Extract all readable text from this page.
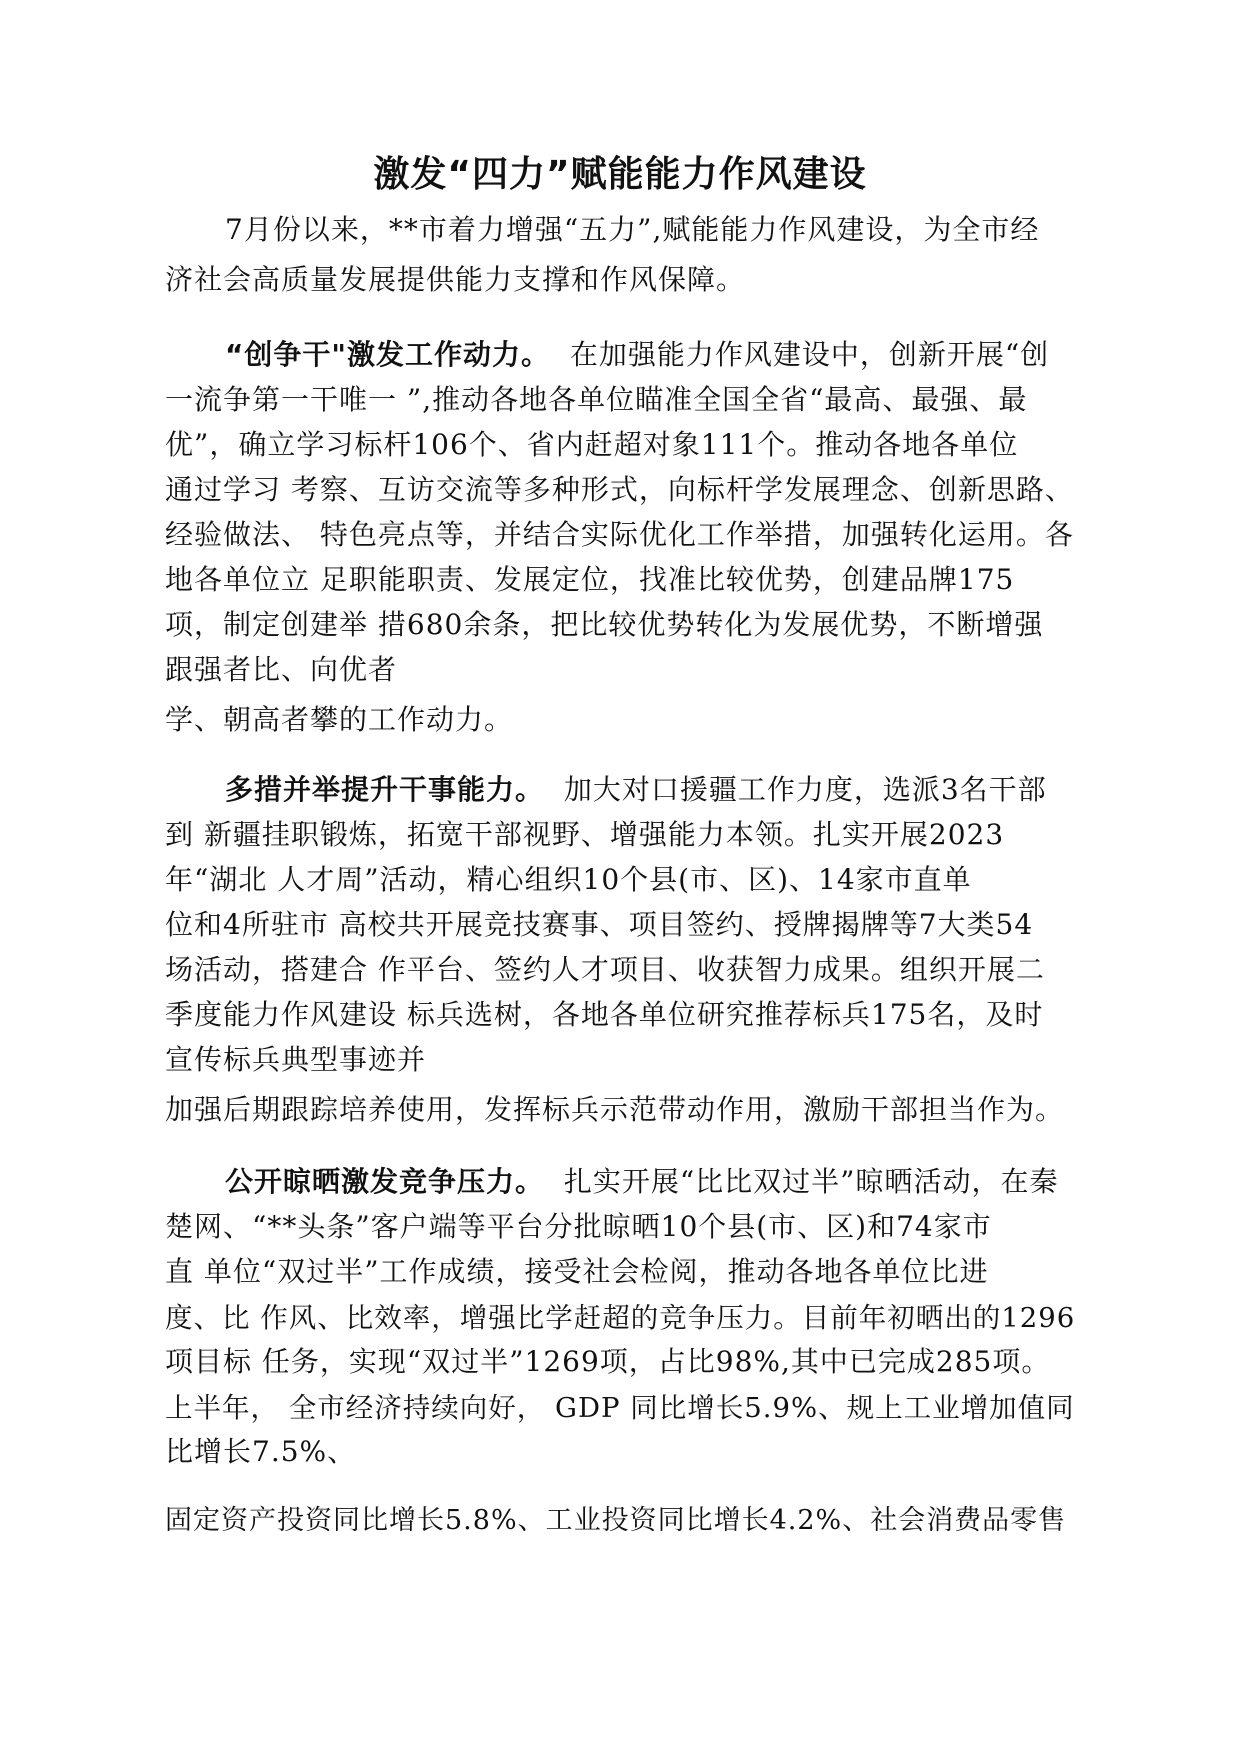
激发“四力”赋能能力作风建设
7月份以来，**市着力增强“五力”,赋能能力作风建设，为全市经
济社会高质量发展提供能力支撑和作风保障。
“创争干"激发工作动力。 在加强能力作风建设中，创新开展“创
一流争第一干唯一 ”,推动各地各单位瞄准全国全省“最高、最强、最
优”，确立学习标杆106个、省内赶超对象111个。推动各地各单位
通过学习 考察、互访交流等多种形式，向标杆学发展理念、创新思路、
经验做法、 特色亮点等，并结合实际优化工作举措，加强转化运用。各
地各单位立 足职能职责、发展定位，找准比较优势，创建品牌175
项，制定创建举 措680余条，把比较优势转化为发展优势，不断增强
跟强者比、向优者
学、朝高者攀的工作动力。
多措并举提升干事能力。 加大对口援疆工作力度，选派3名干部
到 新疆挂职锻炼，拓宽干部视野、增强能力本领。扎实开展2023
年“湖北 人才周”活动，精心组织10个县(市、区)、14家市直单
位和4所驻市 高校共开展竞技赛事、项目签约、授牌揭牌等7大类54
场活动，搭建合 作平台、签约人才项目、收获智力成果。组织开展二
季度能力作风建设 标兵选树，各地各单位研究推荐标兵175名，及时
宣传标兵典型事迹并
加强后期跟踪培养使用，发挥标兵示范带动作用，激励干部担当作为。
公开晾晒激发竞争压力。 扎实开展“比比双过半”晾晒活动，在秦
楚网、“**头条”客户端等平台分批晾晒10个县(市、区)和74家市
直 单位“双过半”工作成绩，接受社会检阅，推动各地各单位比进
度、比 作风、比效率，增强比学赶超的竞争压力。目前年初晒出的1296
项目标 任务，实现“双过半”1269项，占比98%,其中已完成285项。
上半年， 全市经济持续向好， GDP 同比增长5.9%、规上工业增加值同
比增长7.5%、
固定资产投资同比增长5.8%、工业投资同比增长4.2%、社会消费品零售
